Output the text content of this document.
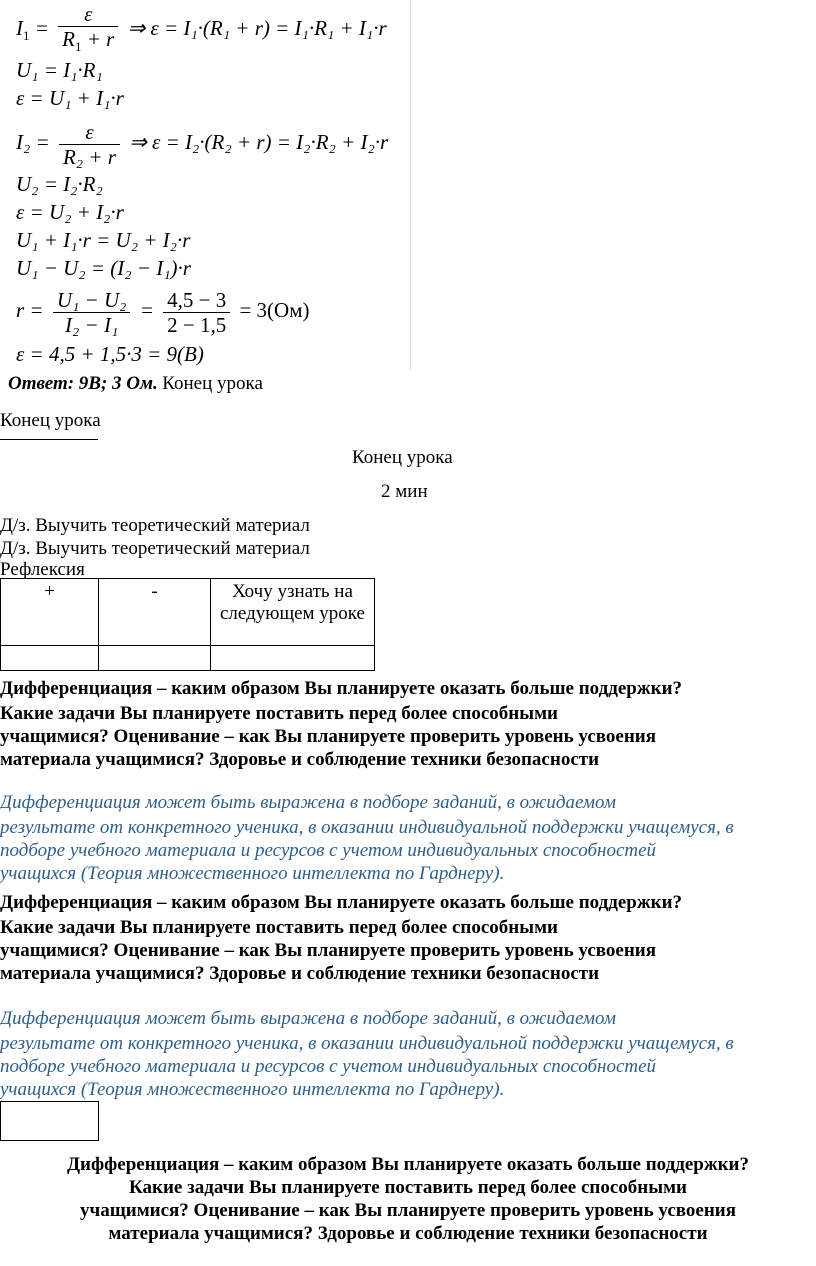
$I_1 = \frac{\varepsilon}{R_1 + r}$ ⇒ ε = I₁·(R₁ + r) = I₁·R₁ + I₁·r
U₁ = I₁·R₁
ε = U₁ + I₁·r
$I_2 = \frac{\varepsilon}{\text{R₂ + r}}$ ⇒ ε = I₂·(R₂ + r) = I₂·R₂ + I₂·r
U₂ = I₂·R₂
ε = U₂ + I₂·r
U₁ + I₁·r = U₂ + I₂·r
U₁ − U₂ = (I₂ − I₁)·r
$r = \frac{\text{U₁ − U₂}}{\text{I₂ − I₁}} = \frac{4,5 - 3}{2 - 1,5} = 3(Ом)$
ε = 4,5 + 1,5·3 = 9(В)
Ответ: 9В; 3 Ом. Конец урока
Конец урока
Конец урока
2 мин
Д/з. Выучить теоретический материал
Д/з. Выучить теоретический материал
Рефлексия
+	-	Хочу узнать на следующем уроке

Дифференциация – каким образом Вы планируете оказать больше поддержки?
Какие задачи Вы планируете поставить перед более способными
учащимися? Оценивание – как Вы планируете проверить уровень усвоения
материала учащимися? Здоровье и соблюдение техники безопасности
Дифференциация может быть выражена в подборе заданий, в ожидаемом
результате от конкретного ученика, в оказании индивидуальной поддержки учащемуся, в
подборе учебного материала и ресурсов с учетом индивидуальных способностей
учащихся (Теория множественного интеллекта по Гарднеру).
Дифференциация – каким образом Вы планируете оказать больше поддержки?
Какие задачи Вы планируете поставить перед более способными
учащимися? Оценивание – как Вы планируете проверить уровень усвоения
материала учащимися? Здоровье и соблюдение техники безопасности
Дифференциация может быть выражена в подборе заданий, в ожидаемом
результате от конкретного ученика, в оказании индивидуальной поддержки учащемуся, в
подборе учебного материала и ресурсов с учетом индивидуальных способностей
учащихся (Теория множественного интеллекта по Гарднеру).
Дифференциация – каким образом Вы планируете оказать больше поддержки?
Какие задачи Вы планируете поставить перед более способными
учащимися? Оценивание – как Вы планируете проверить уровень усвоения
материала учащимися? Здоровье и соблюдение техники безопасности
